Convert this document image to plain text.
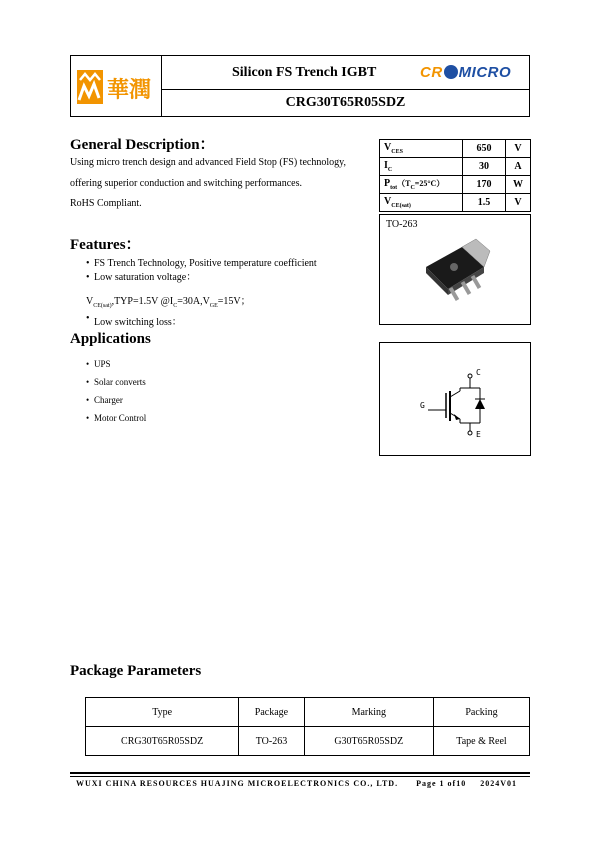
華潤
Silicon FS Trench IGBT	CR MICRO
CRG30T65R05SDZ
General Description：
Using micro trench design and advanced Field Stop (FS) technology,
offering superior conduction and switching performances.
RoHS Compliant.
$V_{CES}$	650	V
$I_C$	30	A
$P_{tot}(T_C=25^\circ C)$	170	W
$V_{CE(sat)}$	1.5	V
TO-263
Features：
• FS Trench Technology, Positive temperature coefficient
• Low saturation voltage：
$V_{CE(sat)},TYP=1.5V$ $@I_C=30A,V_{GE}=15V$；
• Low switching loss：
Applications
• UPS
• Solar converts
• Charger
• Motor Control
C
G
E
Package Parameters
Type	Package	Marking	Packing
CRG30T65R05SDZ	TO-263	G30T65R05SDZ	Tape & Reel
WUXI CHINA RESOURCES HUAJING MICROELECTRONICS CO., LTD. Page 1 of10 2024V01
